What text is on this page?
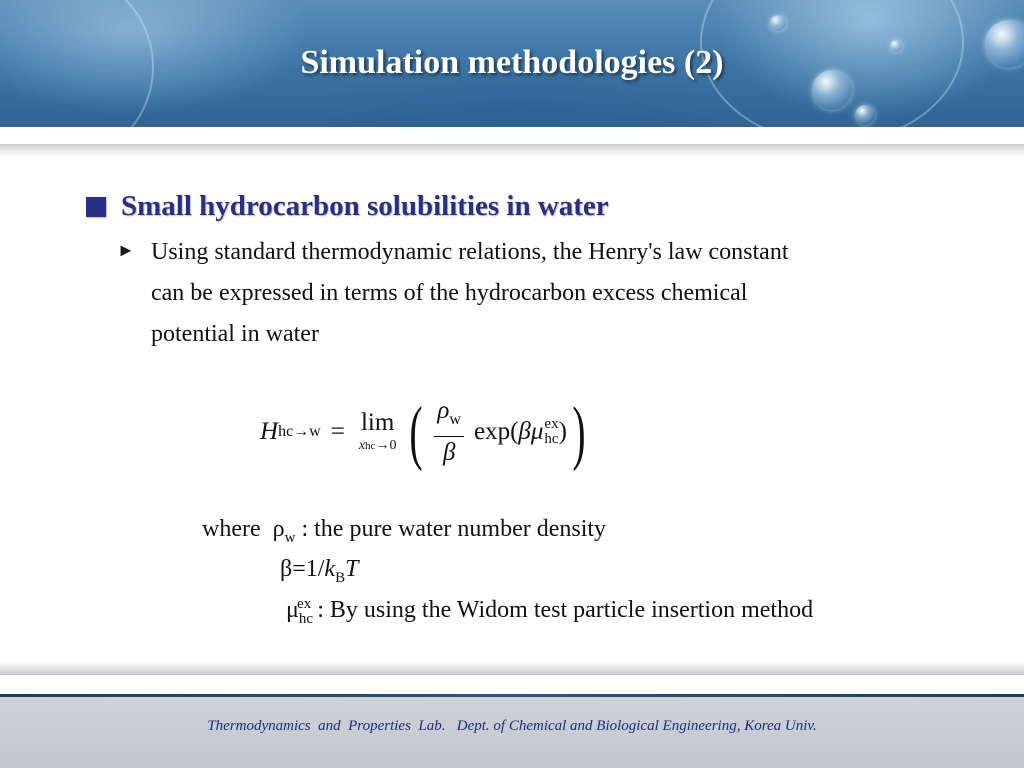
Simulation methodologies (2)
Small hydrocarbon solubilities in water
► Using standard thermodynamic relations, the Henry's law constant
can be expressed in terms of the hydrocarbon excess chemical
potential in water
H hc→w = lim
xhc→0 ( $\frac{\rho_w}{\beta} \exp$( β μ ex
hc ) )
where  $\rho_w$ : the pure water number density
$\beta=1/k_BT$
$\mu_{hc}^{ex}$ : By using the Widom test particle insertion method
Thermodynamics  and  Properties  Lab.   Dept. of Chemical and Biological Engineering, Korea Univ.
